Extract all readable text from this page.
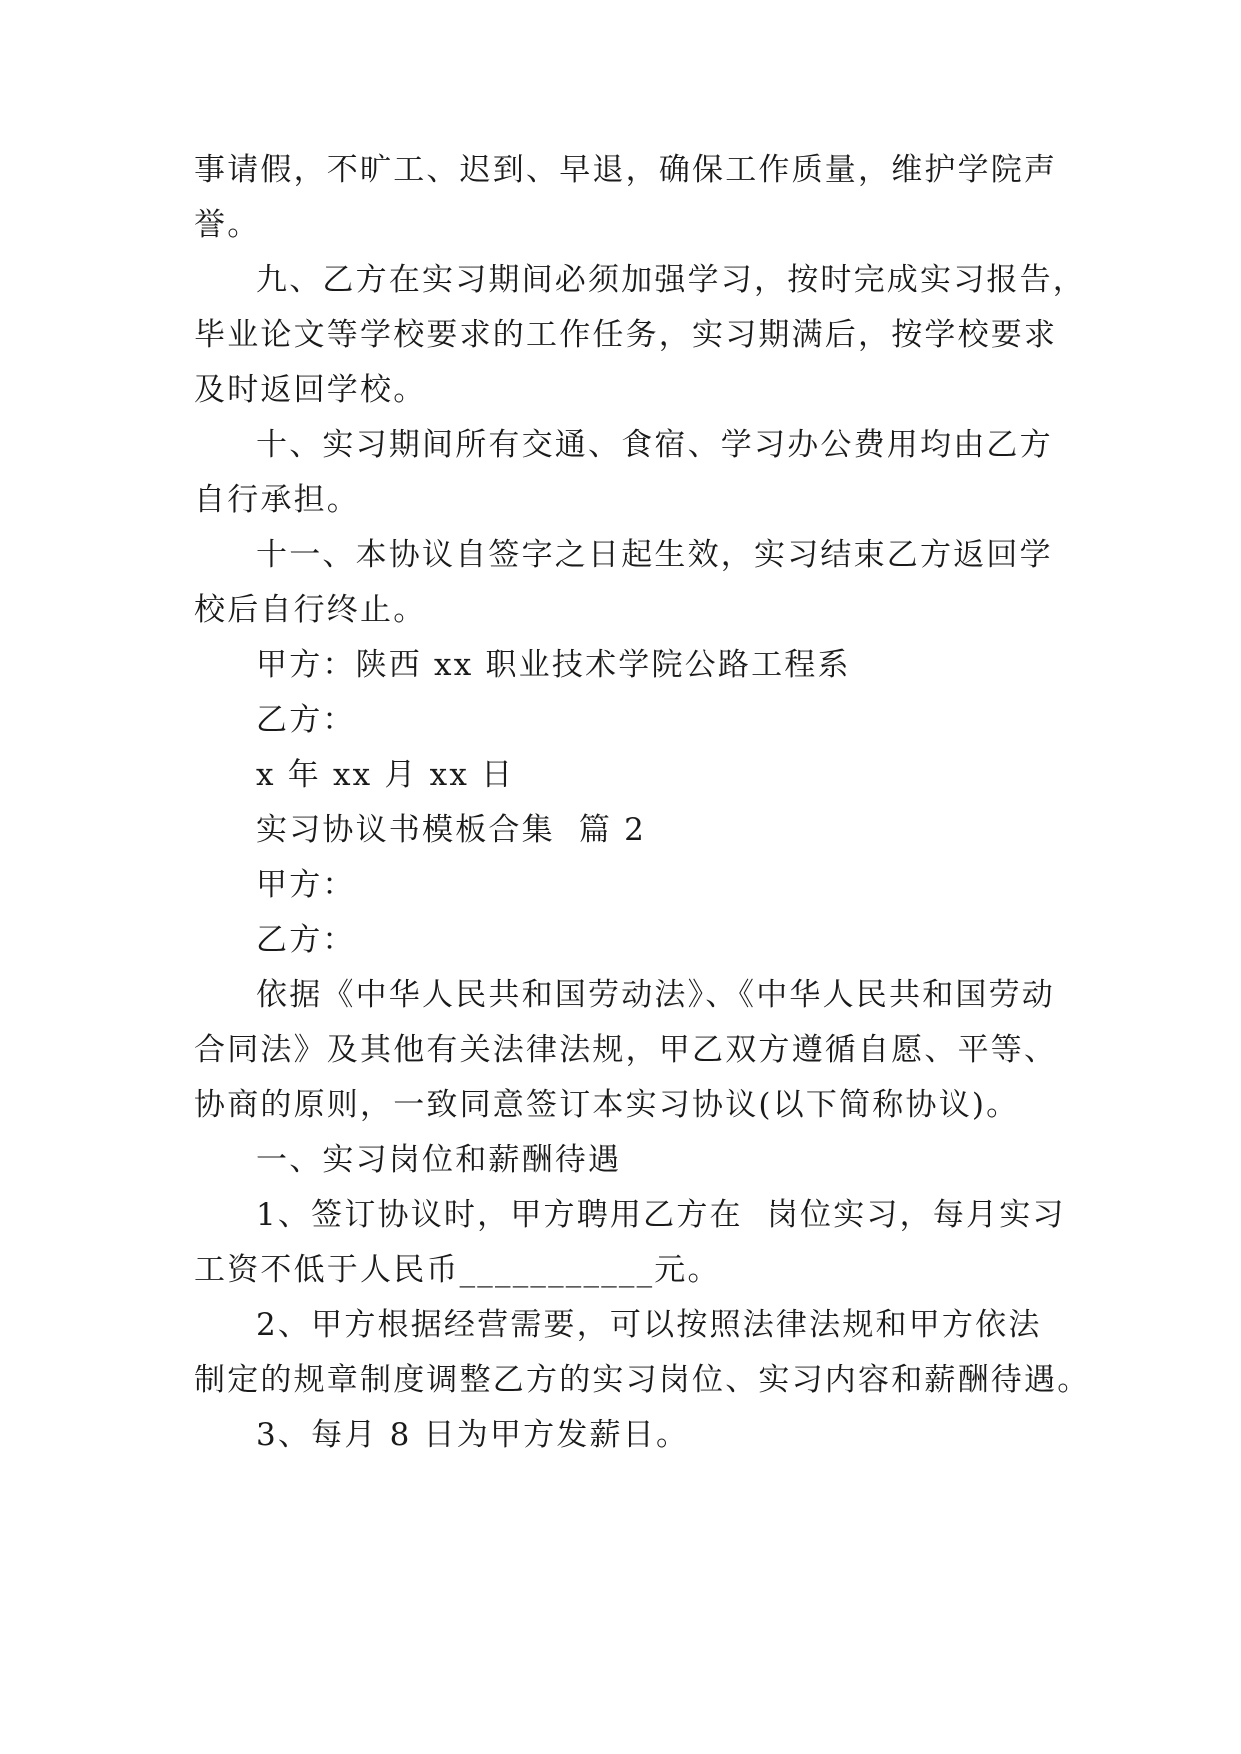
事请假，不旷工、迟到、早退，确保工作质量，维护学院声
誉。
九、乙方在实习期间必须加强学习，按时完成实习报告，
毕业论文等学校要求的工作任务，实习期满后，按学校要求
及时返回学校。
十、实习期间所有交通、食宿、学习办公费用均由乙方
自行承担。
十一、本协议自签字之日起生效，实习结束乙方返回学
校后自行终止。
甲方：陕西 xx 职业技术学院公路工程系
乙方：
x 年 xx 月 xx 日
实习协议书模板合集  篇 2
甲方：
乙方：
依据《中华人民共和国劳动法》、《中华人民共和国劳动
合同法》及其他有关法律法规，甲乙双方遵循自愿、平等、
协商的原则，一致同意签订本实习协议(以下简称协议)。
一、实习岗位和薪酬待遇
1、签订协议时，甲方聘用乙方在  岗位实习，每月实习
工资不低于人民币___________元。
2、甲方根据经营需要，可以按照法律法规和甲方依法
制定的规章制度调整乙方的实习岗位、实习内容和薪酬待遇。
3、每月 8 日为甲方发薪日。
